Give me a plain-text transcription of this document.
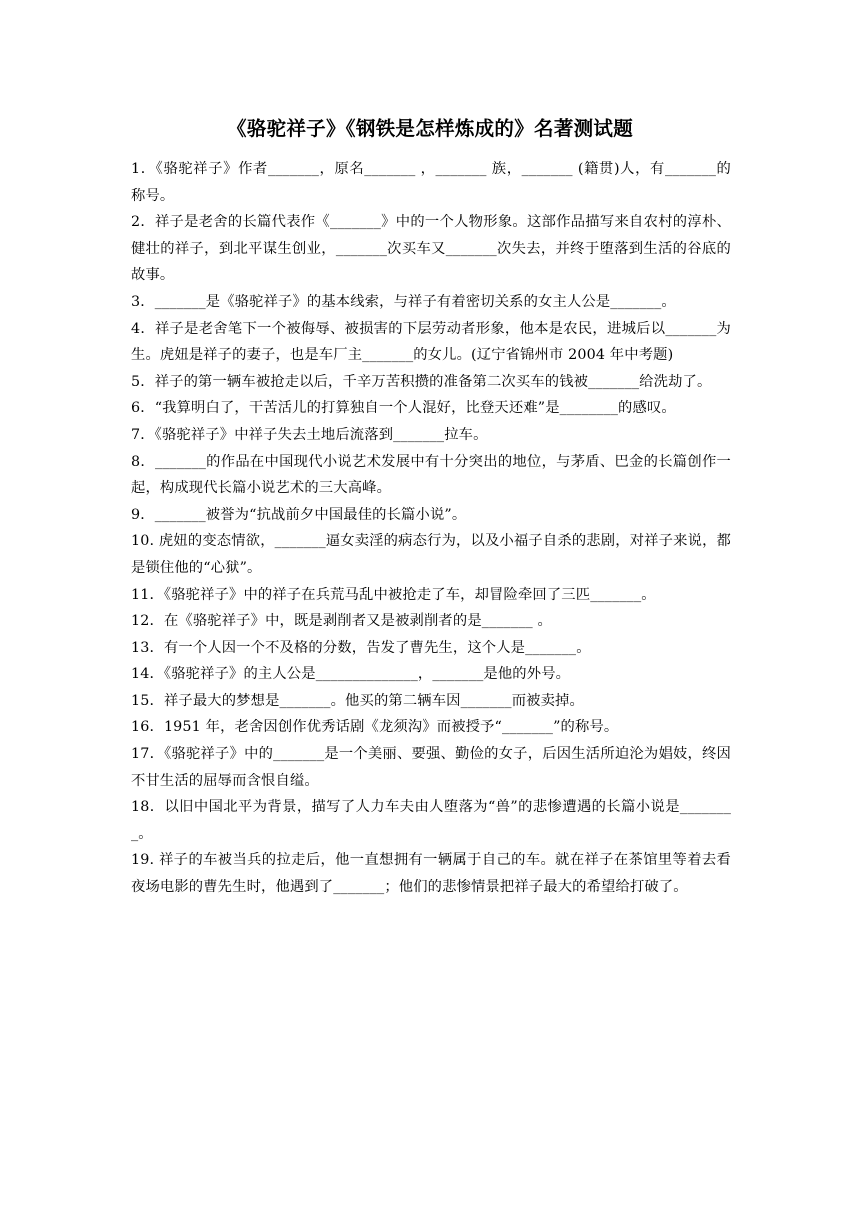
《骆驼祥子》《钢铁是怎样炼成的》名著测试题

1．《骆驼祥子》作者_______，原名_______ ，_______ 族，_______ (籍贯)人，有_______的称号。

2．祥子是老舍的长篇代表作《_______》中的一个人物形象。这部作品描写来自农村的淳朴、健壮的祥子，到北平谋生创业，_______次买车又_______次失去，并终于堕落到生活的谷底的故事。

3．_______是《骆驼祥子》的基本线索，与祥子有着密切关系的女主人公是_______。

4．祥子是老舍笔下一个被侮辱、被损害的下层劳动者形象，他本是农民，进城后以_______为生。虎妞是祥子的妻子，也是车厂主_______的女儿。(辽宁省锦州市 2004 年中考题)

5．祥子的第一辆车被抢走以后，千辛万苦积攒的准备第二次买车的钱被_______给洗劫了。

6．“我算明白了，干苦活儿的打算独自一个人混好，比登天还难”是________的感叹。

7．《骆驼祥子》中祥子失去土地后流落到_______拉车。

8．_______的作品在中国现代小说艺术发展中有十分突出的地位，与茅盾、巴金的长篇创作一起，构成现代长篇小说艺术的三大高峰。

9．_______被誉为“抗战前夕中国最佳的长篇小说”。

10. 虎妞的变态情欲，_______逼女卖淫的病态行为，以及小福子自杀的悲剧，对祥子来说，都是锁住他的“心狱”。

11．《骆驼祥子》中的祥子在兵荒马乱中被抢走了车，却冒险牵回了三匹_______。

12．在《骆驼祥子》中，既是剥削者又是被剥削者的是_______ 。

13．有一个人因一个不及格的分数，告发了曹先生，这个人是_______。

14．《骆驼祥子》的主人公是______________，_______是他的外号。

15．祥子最大的梦想是_______。他买的第二辆车因_______而被卖掉。

16．1951 年，老舍因创作优秀话剧《龙须沟》而被授予“_______”的称号。

17．《骆驼祥子》中的_______是一个美丽、要强、勤俭的女子，后因生活所迫沦为娼妓，终因不甘生活的屈辱而含恨自缢。

18．以旧中国北平为背景，描写了人力车夫由人堕落为“兽”的悲惨遭遇的长篇小说是________。

19. 祥子的车被当兵的拉走后，他一直想拥有一辆属于自己的车。就在祥子在茶馆里等着去看夜场电影的曹先生时，他遇到了_______；他们的悲惨情景把祥子最大的希望给打破了。
